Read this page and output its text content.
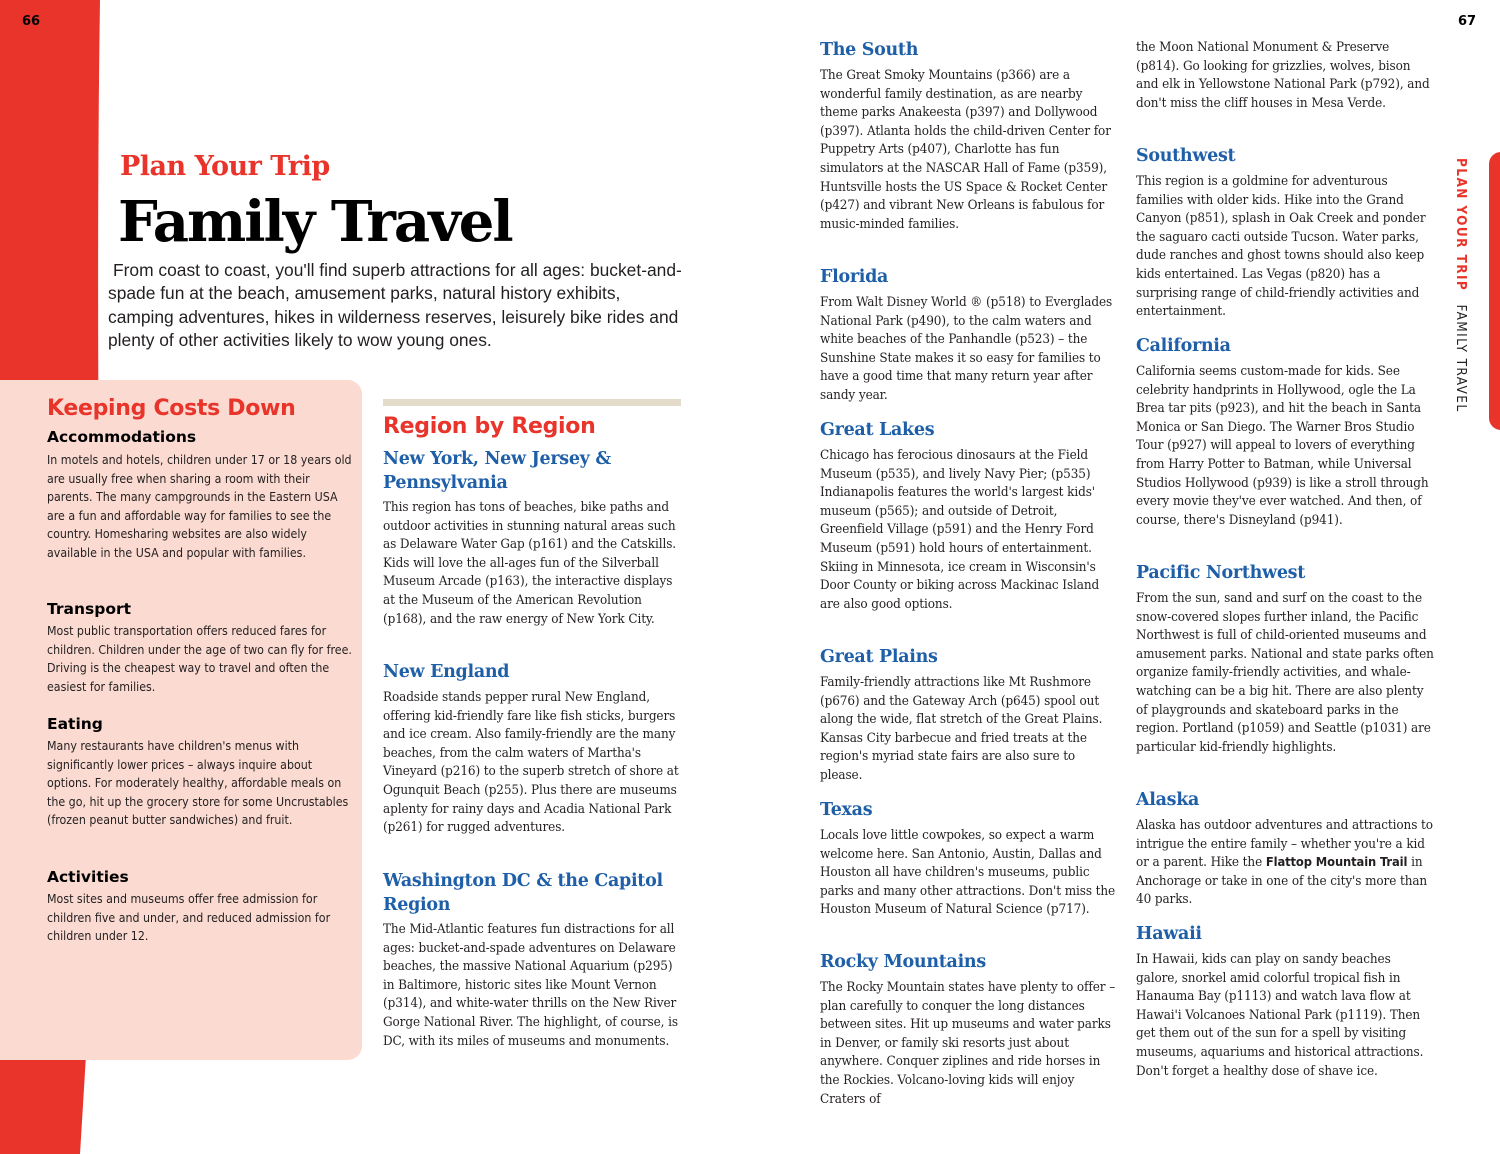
66	67
PLAN YOUR TRIP FAMILY TRAVEL
Plan Your Trip
Family Travel

From coast to coast, you'll find superb attractions for all ages: bucket-and-spade fun at the beach, amusement parks, natural history exhibits, camping adventures, hikes in wilderness reserves, leisurely bike rides and plenty of other activities likely to wow young ones.

Keeping Costs Down
Accommodations

In motels and hotels, children under 17 or 18 years old are usually free when sharing a room with their parents. The many campgrounds in the Eastern USA are a fun and affordable way for families to see the country. Homesharing websites are also widely available in the USA and popular with families.

Transport

Most public transportation offers reduced fares for children. Children under the age of two can fly for free. Driving is the cheapest way to travel and often the easiest for families.

Eating

Many restaurants have children's menus with significantly lower prices – always inquire about options. For moderately healthy, affordable meals on the go, hit up the grocery store for some Uncrustables (frozen peanut butter sandwiches) and fruit.

Activities

Most sites and museums offer free admission for children five and under, and reduced admission for children under 12.

Region by Region
New York, New Jersey & Pennsylvania

This region has tons of beaches, bike paths and outdoor activities in stunning natural areas such as Delaware Water Gap (p161) and the Catskills. Kids will love the all-ages fun of the Silverball Museum Arcade (p163), the interactive displays at the Museum of the American Revolution (p168), and the raw energy of New York City.

New England

Roadside stands pepper rural New England, offering kid-friendly fare like fish sticks, burgers and ice cream. Also family-friendly are the many beaches, from the calm waters of Martha's Vineyard (p216) to the superb stretch of shore at Ogunquit Beach (p255). Plus there are museums aplenty for rainy days and Acadia National Park (p261) for rugged adventures.

Washington DC & the Capitol Region

The Mid-Atlantic features fun distractions for all ages: bucket-and-spade adventures on Delaware beaches, the massive National Aquarium (p295) in Baltimore, historic sites like Mount Vernon (p314), and white-water thrills on the New River Gorge National River. The highlight, of course, is DC, with its miles of museums and monuments.

The South

The Great Smoky Mountains (p366) are a wonderful family destination, as are nearby theme parks Anakeesta (p397) and Dollywood (p397). Atlanta holds the child-driven Center for Puppetry Arts (p407), Charlotte has fun simulators at the NASCAR Hall of Fame (p359), Huntsville hosts the US Space & Rocket Center (p427) and vibrant New Orleans is fabulous for music-minded families.

Florida

From Walt Disney World ® (p518) to Everglades National Park (p490), to the calm waters and white beaches of the Panhandle (p523) – the Sunshine State makes it so easy for families to have a good time that many return year after sandy year.

Great Lakes

Chicago has ferocious dinosaurs at the Field Museum (p535), and lively Navy Pier; (p535) Indianapolis features the world's largest kids' museum (p565); and outside of Detroit, Greenfield Village (p591) and the Henry Ford Museum (p591) hold hours of entertainment. Skiing in Minnesota, ice cream in Wisconsin's Door County or biking across Mackinac Island are also good options.

Great Plains

Family-friendly attractions like Mt Rushmore (p676) and the Gateway Arch (p645) spool out along the wide, flat stretch of the Great Plains. Kansas City barbecue and fried treats at the region's myriad state fairs are also sure to please.

Texas

Locals love little cowpokes, so expect a warm welcome here. San Antonio, Austin, Dallas and Houston all have children's museums, public parks and many other attractions. Don't miss the Houston Museum of Natural Science (p717).

Rocky Mountains

The Rocky Mountain states have plenty to offer – plan carefully to conquer the long distances between sites. Hit up museums and water parks in Denver, or family ski resorts just about anywhere. Conquer ziplines and ride horses in the Rockies. Volcano-loving kids will enjoy Craters of

the Moon National Monument & Preserve (p814). Go looking for grizzlies, wolves, bison and elk in Yellowstone National Park (p792), and don't miss the cliff houses in Mesa Verde.

Southwest

This region is a goldmine for adventurous families with older kids. Hike into the Grand Canyon (p851), splash in Oak Creek and ponder the saguaro cacti outside Tucson. Water parks, dude ranches and ghost towns should also keep kids entertained. Las Vegas (p820) has a surprising range of child-friendly activities and entertainment.

California

California seems custom-made for kids. See celebrity handprints in Hollywood, ogle the La Brea tar pits (p923), and hit the beach in Santa Monica or San Diego. The Warner Bros Studio Tour (p927) will appeal to lovers of everything from Harry Potter to Batman, while Universal Studios Hollywood (p939) is like a stroll through every movie they've ever watched. And then, of course, there's Disneyland (p941).

Pacific Northwest

From the sun, sand and surf on the coast to the snow-covered slopes further inland, the Pacific Northwest is full of child-oriented museums and amusement parks. National and state parks often organize family-friendly activities, and whale-watching can be a big hit. There are also plenty of playgrounds and skateboard parks in the region. Portland (p1059) and Seattle (p1031) are particular kid-friendly highlights.

Alaska

Alaska has outdoor adventures and attractions to intrigue the entire family – whether you're a kid or a parent. Hike the Flattop Mountain Trail in Anchorage or take in one of the city's more than 40 parks.

Hawaii

In Hawaii, kids can play on sandy beaches galore, snorkel amid colorful tropical fish in Hanauma Bay (p1113) and watch lava flow at Hawai'i Volcanoes National Park (p1119). Then get them out of the sun for a spell by visiting museums, aquariums and historical attractions. Don't forget a healthy dose of shave ice.
